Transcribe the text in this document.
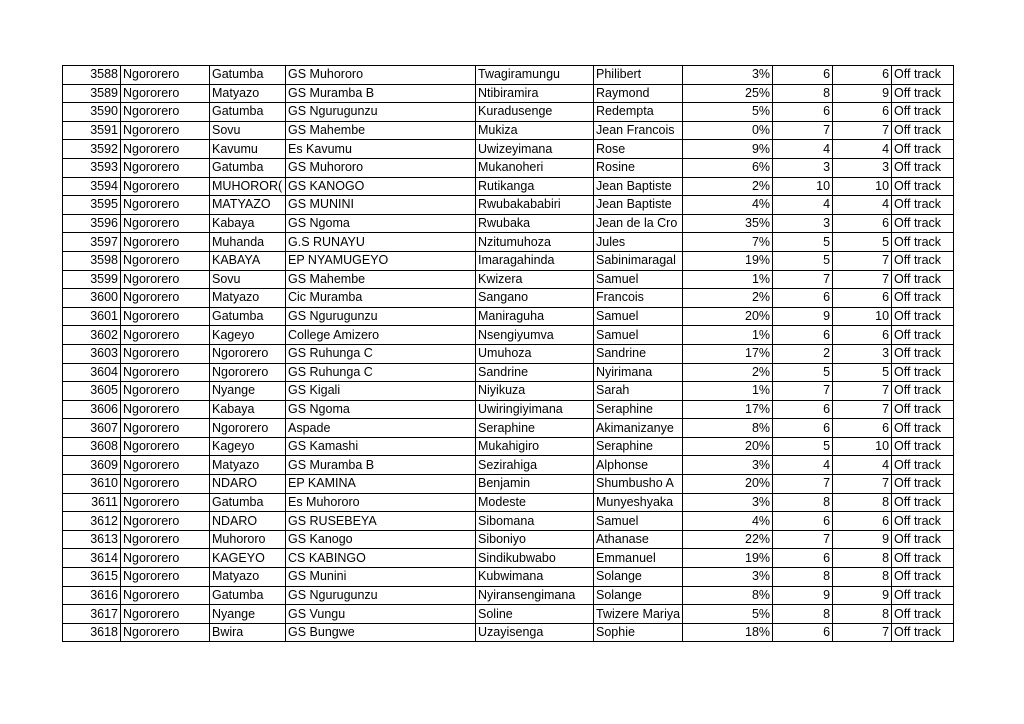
3588	Ngororero	Gatumba	GS Muhororo	Twagiramungu	Philibert	3%	6	6	Off track
3589	Ngororero	Matyazo	GS Muramba B	Ntibiramira	Raymond	25%	8	9	Off track
3590	Ngororero	Gatumba	GS Ngurugunzu	Kuradusenge	Redempta	5%	6	6	Off track
3591	Ngororero	Sovu	GS Mahembe	Mukiza	Jean Francois	0%	7	7	Off track
3592	Ngororero	Kavumu	Es Kavumu	Uwizeyimana	Rose	9%	4	4	Off track
3593	Ngororero	Gatumba	GS Muhororo	Mukanoheri	Rosine	6%	3	3	Off track
3594	Ngororero	MUHOROR(	GS KANOGO	Rutikanga	Jean Baptiste	2%	10	10	Off track
3595	Ngororero	MATYAZO	GS MUNINI	Rwubakababiri	Jean Baptiste	4%	4	4	Off track
3596	Ngororero	Kabaya	GS Ngoma	Rwubaka	Jean de la Cro	35%	3	6	Off track
3597	Ngororero	Muhanda	G.S RUNAYU	Nzitumuhoza	Jules	7%	5	5	Off track
3598	Ngororero	KABAYA	EP NYAMUGEYO	Imaragahinda	Sabinimaragal	19%	5	7	Off track
3599	Ngororero	Sovu	GS Mahembe	Kwizera	Samuel	1%	7	7	Off track
3600	Ngororero	Matyazo	Cic Muramba	Sangano	Francois	2%	6	6	Off track
3601	Ngororero	Gatumba	GS Ngurugunzu	Maniraguha	Samuel	20%	9	10	Off track
3602	Ngororero	Kageyo	College Amizero	Nsengiyumva	Samuel	1%	6	6	Off track
3603	Ngororero	Ngororero	GS Ruhunga C	Umuhoza	Sandrine	17%	2	3	Off track
3604	Ngororero	Ngororero	GS Ruhunga C	Sandrine	Nyirimana	2%	5	5	Off track
3605	Ngororero	Nyange	GS Kigali	Niyikuza	Sarah	1%	7	7	Off track
3606	Ngororero	Kabaya	GS Ngoma	Uwiringiyimana	Seraphine	17%	6	7	Off track
3607	Ngororero	Ngororero	Aspade	Seraphine	Akimanizanye	8%	6	6	Off track
3608	Ngororero	Kageyo	GS Kamashi	Mukahigiro	Seraphine	20%	5	10	Off track
3609	Ngororero	Matyazo	GS Muramba B	Sezirahiga	Alphonse	3%	4	4	Off track
3610	Ngororero	NDARO	EP KAMINA	Benjamin	Shumbusho A	20%	7	7	Off track
3611	Ngororero	Gatumba	Es Muhororo	Modeste	Munyeshyaka	3%	8	8	Off track
3612	Ngororero	NDARO	GS RUSEBEYA	Sibomana	Samuel	4%	6	6	Off track
3613	Ngororero	Muhororo	GS Kanogo	Siboniyo	Athanase	22%	7	9	Off track
3614	Ngororero	KAGEYO	CS KABINGO	Sindikubwabo	Emmanuel	19%	6	8	Off track
3615	Ngororero	Matyazo	GS Munini	Kubwimana	Solange	3%	8	8	Off track
3616	Ngororero	Gatumba	GS Ngurugunzu	Nyiransengimana	Solange	8%	9	9	Off track
3617	Ngororero	Nyange	GS Vungu	Soline	Twizere Mariya	5%	8	8	Off track
3618	Ngororero	Bwira	GS Bungwe	Uzayisenga	Sophie	18%	6	7	Off track
